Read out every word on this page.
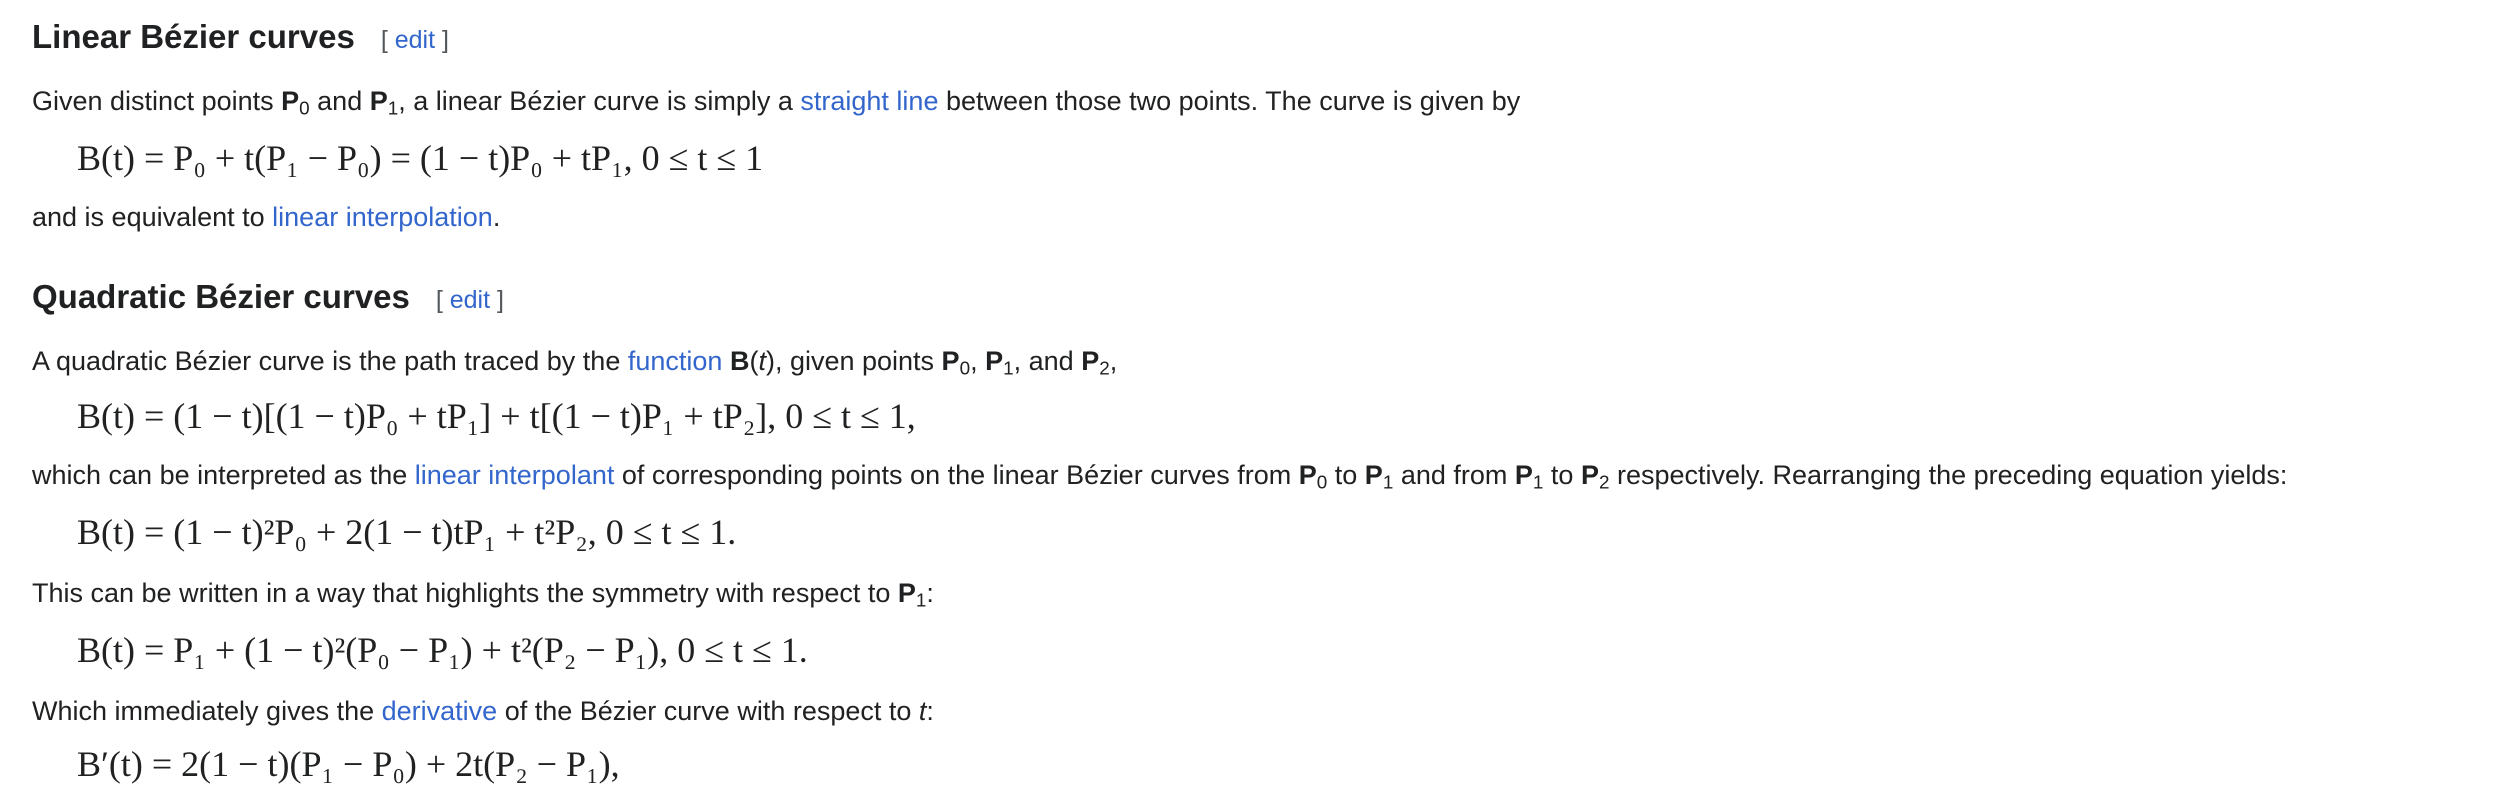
Linear Bézier curves [ edit ]

Given distinct points $P_0$ and $P_1$, a linear Bézier curve is simply a straight line between those two points. The curve is given by

B(t) = P₀ + t(P₁ − P₀) = (1 − t)P₀ + tP₁, 0 ≤ t ≤ 1

and is equivalent to linear interpolation.

Quadratic Bézier curves [ edit ]

A quadratic Bézier curve is the path traced by the function B(t), given points $P_0$, $P_1$, and $P_2$,

B(t) = (1 − t)[(1 − t)P₀ + tP₁] + t[(1 − t)P₁ + tP₂], 0 ≤ t ≤ 1,

which can be interpreted as the linear interpolant of corresponding points on the linear Bézier curves from $P_0$ to $P_1$ and from $P_1$ to $P_2$ respectively. Rearranging the preceding equation yields:

B(t) = (1 − t)²P₀ + 2(1 − t)tP₁ + t²P₂, 0 ≤ t ≤ 1.

This can be written in a way that highlights the symmetry with respect to $P_1$:

B(t) = P₁ + (1 − t)²(P₀ − P₁) + t²(P₂ − P₁), 0 ≤ t ≤ 1.

Which immediately gives the derivative of the Bézier curve with respect to t:

B′(t) = 2(1 − t)(P₁ − P₀) + 2t(P₂ − P₁),
